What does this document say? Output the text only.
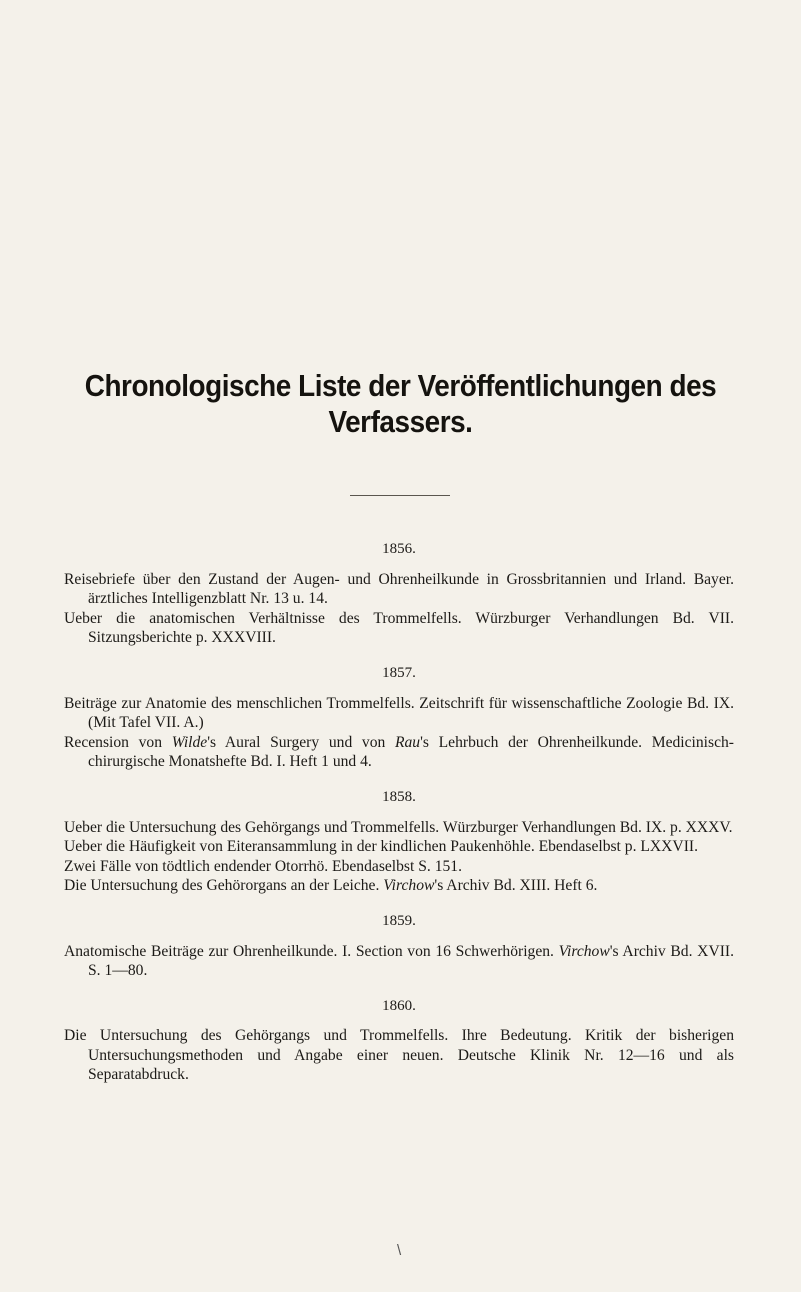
Chronologische Liste der Veröffentlichungen des Verfassers.
1856.

Reisebriefe über den Zustand der Augen- und Ohrenheilkunde in Grossbritannien und Irland. Bayer. ärztliches Intelligenzblatt Nr. 13 u. 14.

Ueber die anatomischen Verhältnisse des Trommelfells. Würzburger Verhandlungen Bd. VII. Sitzungsberichte p. XXXVIII.

1857.

Beiträge zur Anatomie des menschlichen Trommelfells. Zeitschrift für wissenschaftliche Zoologie Bd. IX. (Mit Tafel VII. A.)

Recension von Wilde's Aural Surgery und von Rau's Lehrbuch der Ohrenheilkunde. Medicinisch-chirurgische Monatshefte Bd. I. Heft 1 und 4.

1858.

Ueber die Untersuchung des Gehörgangs und Trommelfells. Würzburger Verhandlungen Bd. IX. p. XXXV.

Ueber die Häufigkeit von Eiteransammlung in der kindlichen Paukenhöhle. Ebendaselbst p. LXXVII.

Zwei Fälle von tödtlich endender Otorrhö. Ebendaselbst S. 151.

Die Untersuchung des Gehörorgans an der Leiche. Virchow's Archiv Bd. XIII. Heft 6.

1859.

Anatomische Beiträge zur Ohrenheilkunde. I. Section von 16 Schwerhörigen. Virchow's Archiv Bd. XVII. S. 1—80.

1860.

Die Untersuchung des Gehörgangs und Trommelfells. Ihre Bedeutung. Kritik der bisherigen Untersuchungsmethoden und Angabe einer neuen. Deutsche Klinik Nr. 12—16 und als Separatabdruck.

\
